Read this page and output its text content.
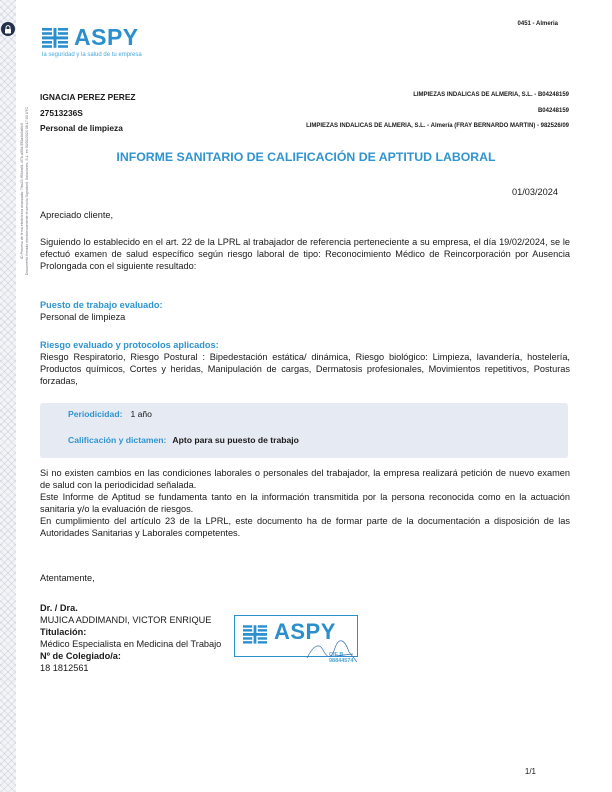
ID Proceso de firma electrónica avanzada: 7fbc23-ff94ea61-4f7b-a95d-550a4b0a6fc5 Documento firmado electrónicamente el servicio Signaturit. Soluciones, S.L. en 03/03/2024 08:17:03 UTC
ASPY
la seguridad y la salud de tu empresa
0451 - Almeria
IGNACIA PEREZ PEREZ
27513236S
Personal de limpieza
LIMPIEZAS INDALICAS DE ALMERIA, S.L. - B04248159
B04248159
LIMPIEZAS INDALICAS DE ALMERIA, S.L. - Almería (FRAY BERNARDO MARTIN) - 982526/09
INFORME SANITARIO DE CALIFICACIÓN DE APTITUD LABORAL
01/03/2024
Apreciado cliente,
Siguiendo lo establecido en el art. 22 de la LPRL al trabajador de referencia perteneciente a su empresa, el día 19/02/2024, se le efectuó examen de salud específico según riesgo laboral de tipo: Reconocimiento Médico de Reincorporación por Ausencia Prolongada con el siguiente resultado:
Puesto de trabajo evaluado:
Personal de limpieza
Riesgo evaluado y protocolos aplicados:
Riesgo Respiratorio, Riesgo Postural : Bipedestación estática/ dinámica, Riesgo biológico: Limpieza, lavandería, hostelería, Productos químicos, Cortes y heridas, Manipulación de cargas, Dermatosis profesionales, Movimientos repetitivos, Posturas forzadas,
Periodicidad: 1 año
Calificación y dictamen: Apto para su puesto de trabajo
Si no existen cambios en las condiciones laborales o personales del trabajador, la empresa realizará petición de nuevo examen de salud con la periodicidad señalada.
Este Informe de Aptitud se fundamenta tanto en la información transmitida por la persona reconocida como en la actuación sanitaria y/o la evaluación de riesgos.
En cumplimiento del artículo 23 de la LPRL, este documento ha de formar parte de la documentación a disposición de las Autoridades Sanitarias y Laborales competentes.
Atentamente,
Dr. / Dra.
MUJICA ADDIMANDI, VICTOR ENRIQUE
Titulación:
Médico Especialista en Medicina del Trabajo
Nº de Colegiado/a:
18 1812561
ASPY
CIF B-98844574
1/1
